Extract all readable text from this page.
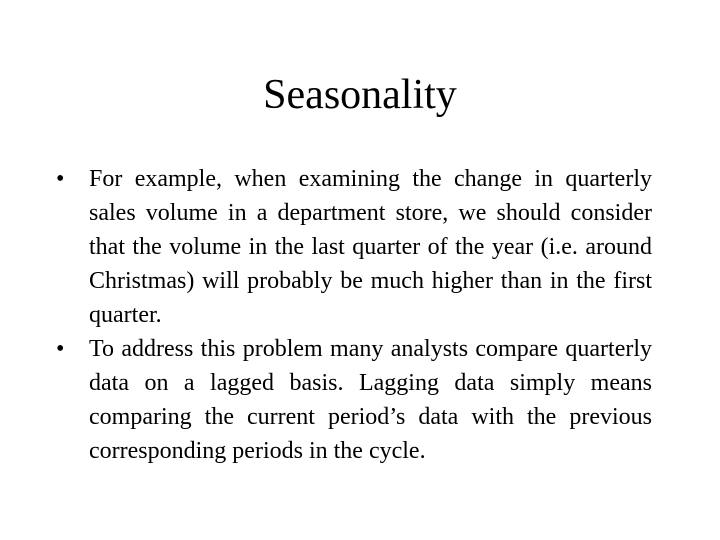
Seasonality
•	For example, when examining the change in quarterly sales volume in a department store, we should consider that the volume in the last quarter of the year (i.e. around Christmas) will probably be much higher than in the first quarter.
•	To address this problem many analysts compare quarterly data on a lagged basis. Lagging data simply means comparing the current period’s data with the previous corresponding periods in the cycle.
